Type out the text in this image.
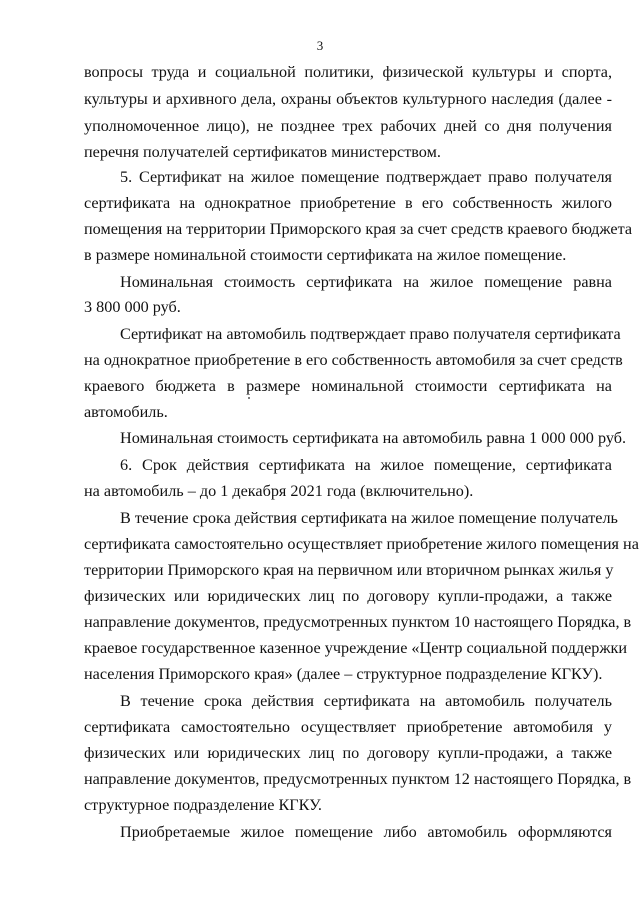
3
вопросы труда и социальной политики, физической культуры и спорта,
культуры и архивного дела, охраны объектов культурного наследия (далее -
уполномоченное лицо), не позднее трех рабочих дней со дня получения
перечня получателей сертификатов министерством.
5. Сертификат на жилое помещение подтверждает право получателя
сертификата на однократное приобретение в его собственность жилого
помещения на территории Приморского края за счет средств краевого бюджета
в размере номинальной стоимости сертификата на жилое помещение.
Номинальная стоимость сертификата на жилое помещение равна
3 800 000 руб.
Сертификат на автомобиль подтверждает право получателя сертификата
на однократное приобретение в его собственность автомобиля за счет средств
краевого бюджета в размере номинальной стоимости сертификата на
автомобиль.
Номинальная стоимость сертификата на автомобиль равна 1 000 000 руб.
6. Срок действия сертификата на жилое помещение, сертификата
на автомобиль – до 1 декабря 2021 года (включительно).
В течение срока действия сертификата на жилое помещение получатель
сертификата самостоятельно осуществляет приобретение жилого помещения на
территории Приморского края на первичном или вторичном рынках жилья у
физических или юридических лиц по договору купли-продажи, а также
направление документов, предусмотренных пунктом 10 настоящего Порядка, в
краевое государственное казенное учреждение «Центр социальной поддержки
населения Приморского края» (далее – структурное подразделение КГКУ).
В течение срока действия сертификата на автомобиль получатель
сертификата самостоятельно осуществляет приобретение автомобиля у
физических или юридических лиц по договору купли-продажи, а также
направление документов, предусмотренных пунктом 12 настоящего Порядка, в
структурное подразделение КГКУ.
Приобретаемые жилое помещение либо автомобиль оформляются
